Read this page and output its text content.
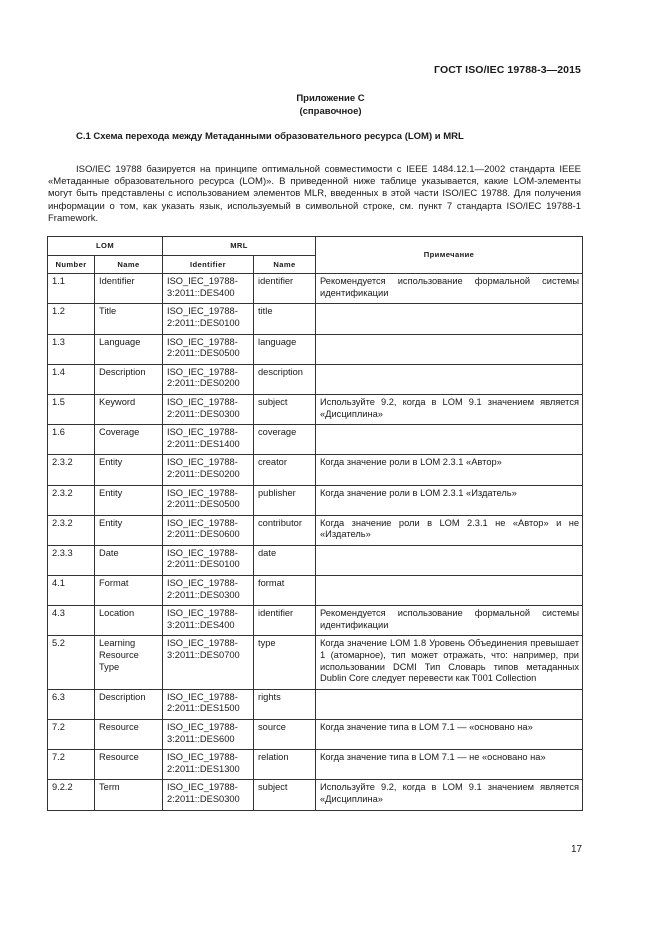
ГОСТ ISO/IEC 19788-3—2015
Приложение С
(справочное)
С.1 Схема перехода между Метаданными образовательного ресурса (LOM) и MRL

ISO/IEC 19788 базируется на принципе оптимальной совместимости с IEEE 1484.12.1—2002 стандарта IEEE «Метаданные образовательного ресурса (LOM)». В приведенной ниже таблице указывается, какие LOM-элементы могут быть представлены с использованием элементов MLR, введенных в этой части ISO/IEC 19788. Для получения информации о том, как указать язык, используемый в символьной строке, см. пункт 7 стандарта ISO/IEC 19788-1 Framework.

LOM		MRL		Примечание
Number	Name	Identifier	Name	
1.1	Identifier	ISO_IEC_19788-3:2011::DES400	identifier	Рекомендуется использование формальной системы идентификации
1.2	Title	ISO_IEC_19788-2:2011::DES0100	title	
1.3	Language	ISO_IEC_19788-2:2011::DES0500	language	
1.4	Description	ISO_IEC_19788-2:2011::DES0200	description	
1.5	Keyword	ISO_IEC_19788-2:2011::DES0300	subject	Используйте 9.2, когда в LOM 9.1 значением является «Дисциплина»
1.6	Coverage	ISO_IEC_19788-2:2011::DES1400	coverage	
2.3.2	Entity	ISO_IEC_19788-2:2011::DES0200	creator	Когда значение роли в LOM 2.3.1 «Автор»
2.3.2	Entity	ISO_IEC_19788-2:2011::DES0500	publisher	Когда значение роли в LOM 2.3.1 «Издатель»
2.3.2	Entity	ISO_IEC_19788-2:2011::DES0600	contributor	Когда значение роли в LOM 2.3.1 не «Автор» и не «Издатель»
2.3.3	Date	ISO_IEC_19788-2:2011::DES0100	date	
4.1	Format	ISO_IEC_19788-2:2011::DES0300	format	
4.3	Location	ISO_IEC_19788-3:2011::DES400	identifier	Рекомендуется использование формальной системы идентификации
5.2	Learning Resource Type	ISO_IEC_19788-3:2011::DES0700	type	Когда значение LOM 1.8 Уровень Объединения превышает 1 (атомарное), тип может отражать, что: например, при использовании DCMI Тип Словарь типов метаданных Dublin Core следует перевести как T001 Collection
6.3	Description	ISO_IEC_19788-2:2011::DES1500	rights	
7.2	Resource	ISO_IEC_19788-3:2011::DES600	source	Когда значение типа в LOM 7.1 — «основано на»
7.2	Resource	ISO_IEC_19788-2:2011::DES1300	relation	Когда значение типа в LOM 7.1 — не «основано на»
9.2.2	Term	ISO_IEC_19788-2:2011::DES0300	subject	Используйте 9.2, когда в LOM 9.1 значением является «Дисциплина»
17
